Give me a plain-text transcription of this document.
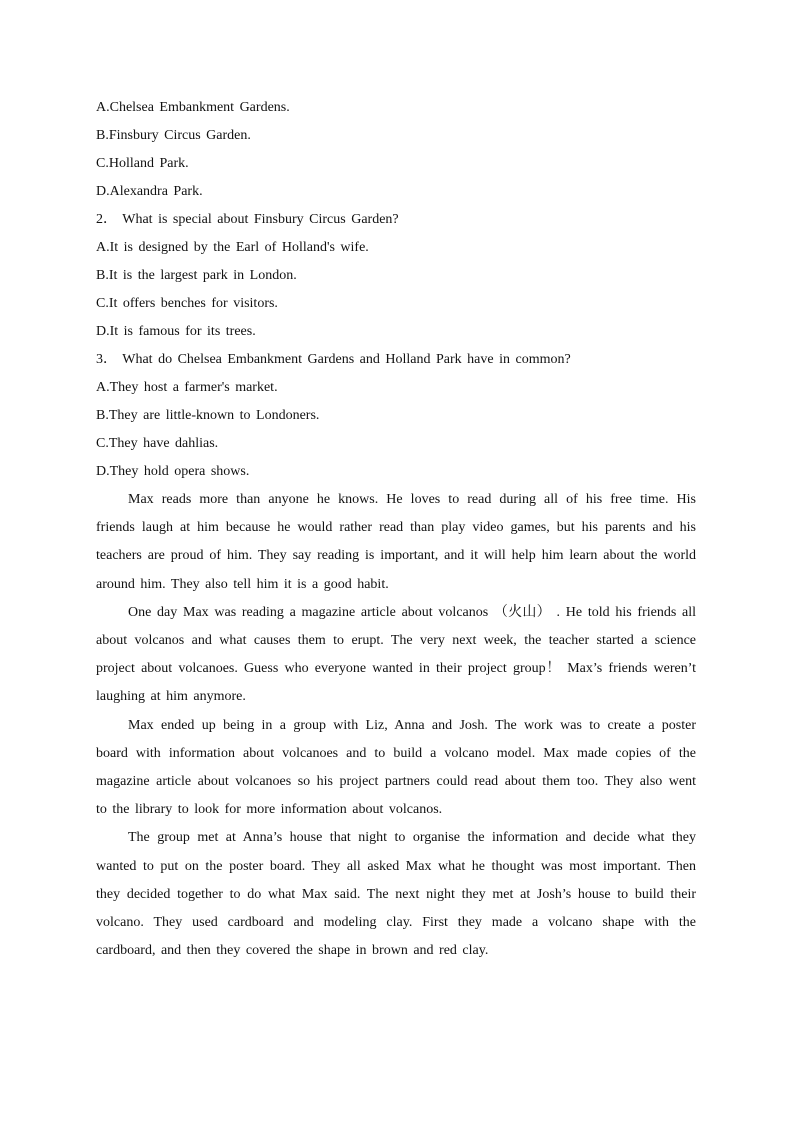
A.Chelsea Embankment Gardens.
B.Finsbury Circus Garden.
C.Holland Park.
D.Alexandra Park.
2． What is special about Finsbury Circus Garden?
A.It is designed by the Earl of Holland's wife.
B.It is the largest park in London.
C.It offers benches for visitors.
D.It is famous for its trees.
3． What do Chelsea Embankment Gardens and Holland Park have in common?
A.They host a farmer's market.
B.They are little-known to Londoners.
C.They have dahlias.
D.They hold opera shows.

Max reads more than anyone he knows. He loves to read during all of his free time. His friends laugh at him because he would rather read than play video games, but his parents and his teachers are proud of him. They say reading is important, and it will help him learn about the world around him. They also tell him it is a good habit.

One day Max was reading a magazine article about volcanos （火山） . He told his friends all about volcanos and what causes them to erupt. The very next week, the teacher started a science project about volcanoes. Guess who everyone wanted in their project group！ Max’s friends weren’t laughing at him anymore.

Max ended up being in a group with Liz, Anna and Josh. The work was to create a poster board with information about volcanoes and to build a volcano model. Max made copies of the magazine article about volcanoes so his project partners could read about them too. They also went to the library to look for more information about volcanos.

The group met at Anna’s house that night to organise the information and decide what they wanted to put on the poster board. They all asked Max what he thought was most important. Then they decided together to do what Max said. The next night they met at Josh’s house to build their volcano. They used cardboard and modeling clay. First they made a volcano shape with the cardboard, and then they covered the shape in brown and red clay.
